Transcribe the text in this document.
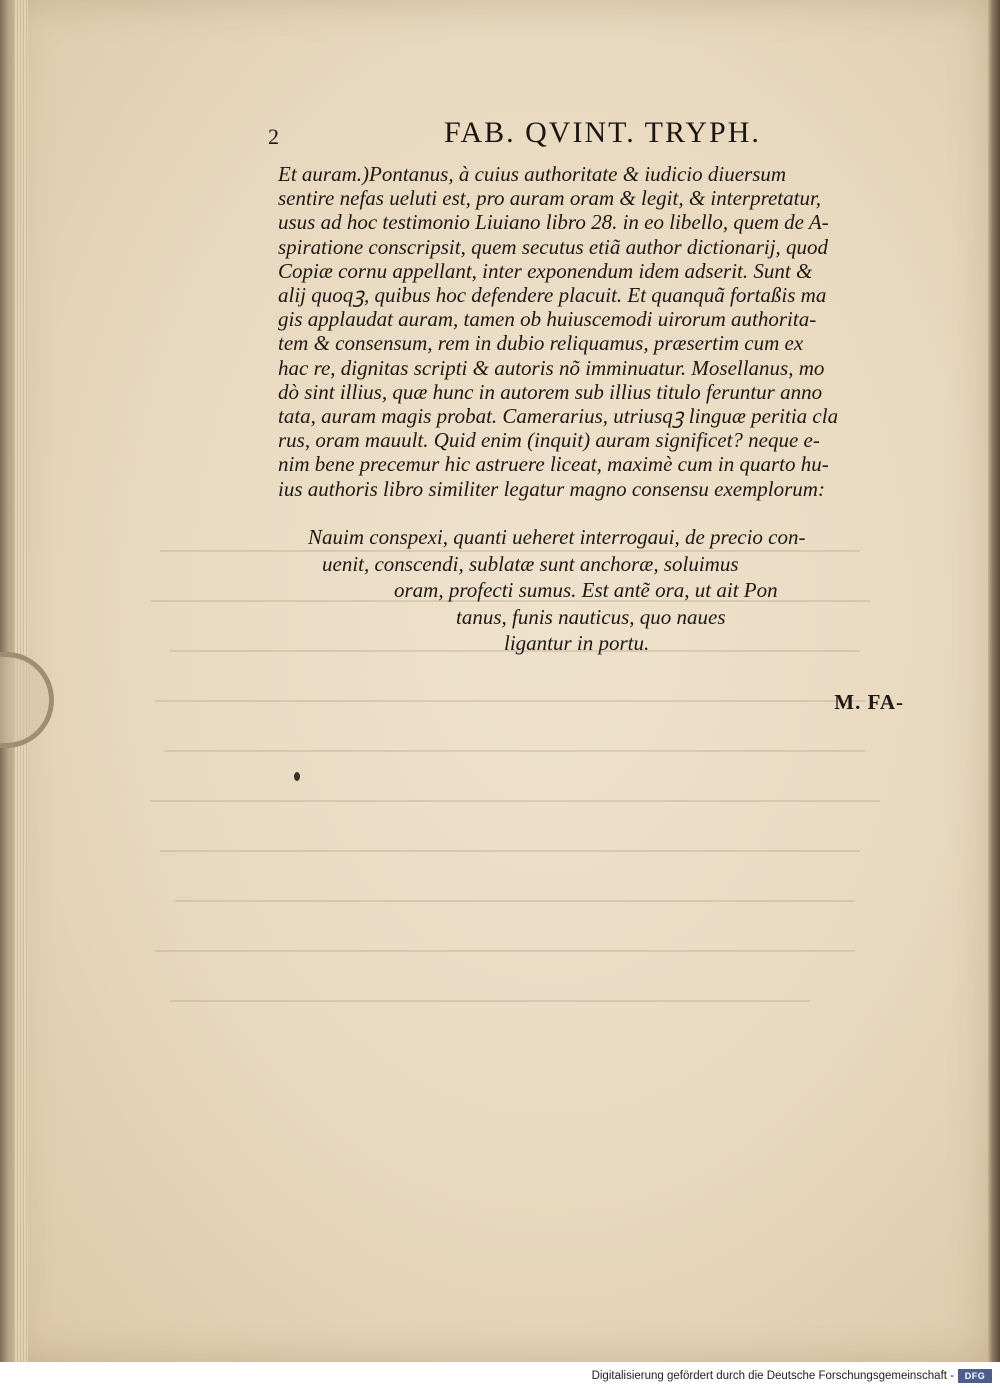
2	FAB. QVINT. TRYPH.
Et auram.)Pontanus, à cuius authoritate & iudicio diuersum
sentire nefas ueluti est, pro auram oram & legit, & interpretatur,
usus ad hoc testimonio Liuiano libro 28. in eo libello, quem de A-
spiratione conscripsit, quem secutus etiã author dictionarij, quod
Copiæ cornu appellant, inter exponendum idem adserit. Sunt &
alij quoqꝫ, quibus hoc defendere placuit. Et quanquã fortaßis ma
gis applaudat auram, tamen ob huiuscemodi uirorum authorita-
tem & consensum, rem in dubio reliquamus, præsertim cum ex
hac re, dignitas scripti & autoris nõ imminuatur. Mosellanus, mo
dò sint illius, quæ hunc in autorem sub illius titulo feruntur anno
tata, auram magis probat. Camerarius, utriusqꝫ linguæ peritia cla
rus, oram mauult. Quid enim (inquit) auram significet? neque e-
nim bene precemur hic astruere liceat, maximè cum in quarto hu-
ius authoris libro similiter legatur magno consensu exemplorum:
Nauim conspexi, quanti ueheret interrogaui, de precio con-
uenit, conscendi, sublatæ sunt anchoræ, soluimus
oram, profecti sumus. Est antẽ ora, ut ait Pon
tanus, funis nauticus, quo naues
ligantur in portu.
M. FA-
Digitalisierung gefördert durch die Deutsche Forschungsgemeinschaft -	DFG
